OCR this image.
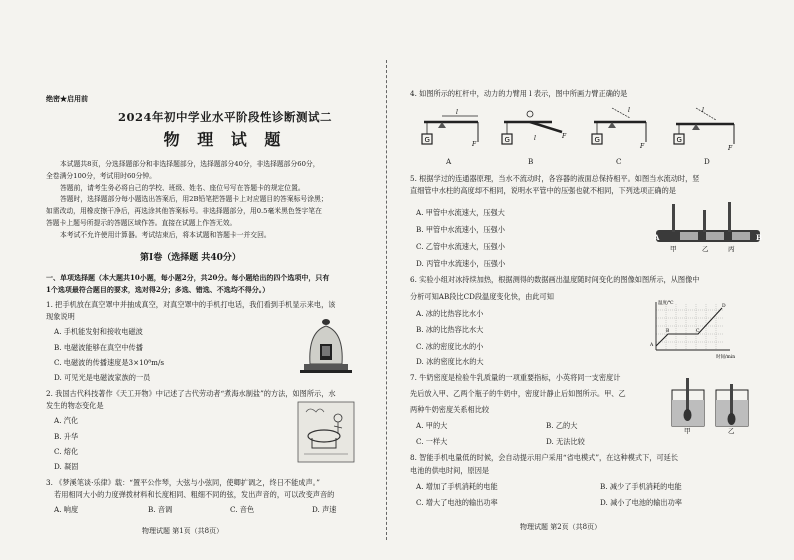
绝密★启用前
2024年初中学业水平阶段性诊断测试二
物 理 试 题
本试题共8页，分选择题部分和非选择题部分，选择题部分40分，非选择题部分60分，
全卷满分100分，考试用时60分钟。
答题前，请考生务必将自己的学校、班级、姓名、座位号写在答题卡的规定位置。
答题时，选择题部分每小题选出答案后，用2B铅笔把答题卡上对应题目的答案标号涂黑；
如需改动，用橡皮擦干净后，再选涂其他答案标号。非选择题部分，用0.5毫米黑色签字笔在
答题卡上题号所提示的答题区域作答。直接在试题上作答无效。
本考试不允许使用计算器。考试结束后，将本试题和答题卡一并交回。
第Ⅰ卷（选择题 共40分）
一、单项选择题（本大题共10小题，每小题2分，共20分。每小题给出的四个选项中，只有
1个选项最符合题目的要求，选对得2分；多选、错选、不选均不得分。）
1. 把手机放在真空罩中并抽成真空，对真空罩中的手机打电话，我们看到手机显示来电，该
现象说明
A. 手机能发射和接收电磁波
B. 电磁波能够在真空中传播
C. 电磁波的传播速度是3×10⁸m/s
D. 可见光是电磁波家族的一员
2. 我国古代科技著作《天工开物》中记述了古代劳动者“煮海水制盐”的方法，如图所示，水
发生的物态变化是
A. 汽化
B. 升华
C. 熔化
D. 凝固
3. 《梦溪笔谈·乐律》载：“置平公作琴，大弦与小弦同，使卿扩调之，终日不能成声。”
若用相同大小的力度弹拨材料和长度相同、粗细不同的弦，发出声音的，可以改变声音的
A. 响度	B. 音调	C. 音色	D. 声速
物理试题 第1页（共8页）
4. 如图所示的杠杆中，动力的力臂用 l 表示，图中所画力臂正确的是
G
F
l
G	F
l	G
F
l
G
F
l
A	B	C	D
5. 根据学过的连通器原理，当水不流动时，各容器的液面总保持相平。如图当水流动时，竖
直细管中水柱的高度却不相同，说明水平管中的压强也就不相同，下列选项正确的是
A. 甲管中水流速大，压强大
B. 甲管中水流速小，压强小
C. 乙管中水流速大，压强小
D. 丙管中水流速小，压强小
A	B
甲	乙	丙
6. 实验小组对冰持续加热，根据测得的数据画出温度随时间变化的图像如图所示，从图像中
分析可知AB段比CD段温度变化快，由此可知
A. 冰的比热容比水小
B. 冰的比热容比水大
C. 冰的密度比水的小
D. 冰的密度比水的大
A
B	C
D
温度/℃
时间/min
7. 牛奶密度是检验牛乳质量的一项重要指标，小英将同一支密度计
先后放入甲、乙两个瓶子的牛奶中，密度计静止后如图所示。甲、乙
两种牛奶密度关系相比较
A. 甲的大	B. 乙的大
C. 一样大	D. 无法比较
甲	乙
8. 智能手机电量低的时候，会自动提示用户采用“省电模式”，在这种模式下，可延长
电池的供电时间，原因是
A. 增加了手机消耗的电能	B. 减少了手机消耗的电能
C. 增大了电池的输出功率	D. 减小了电池的输出功率
物理试题 第2页（共8页）
